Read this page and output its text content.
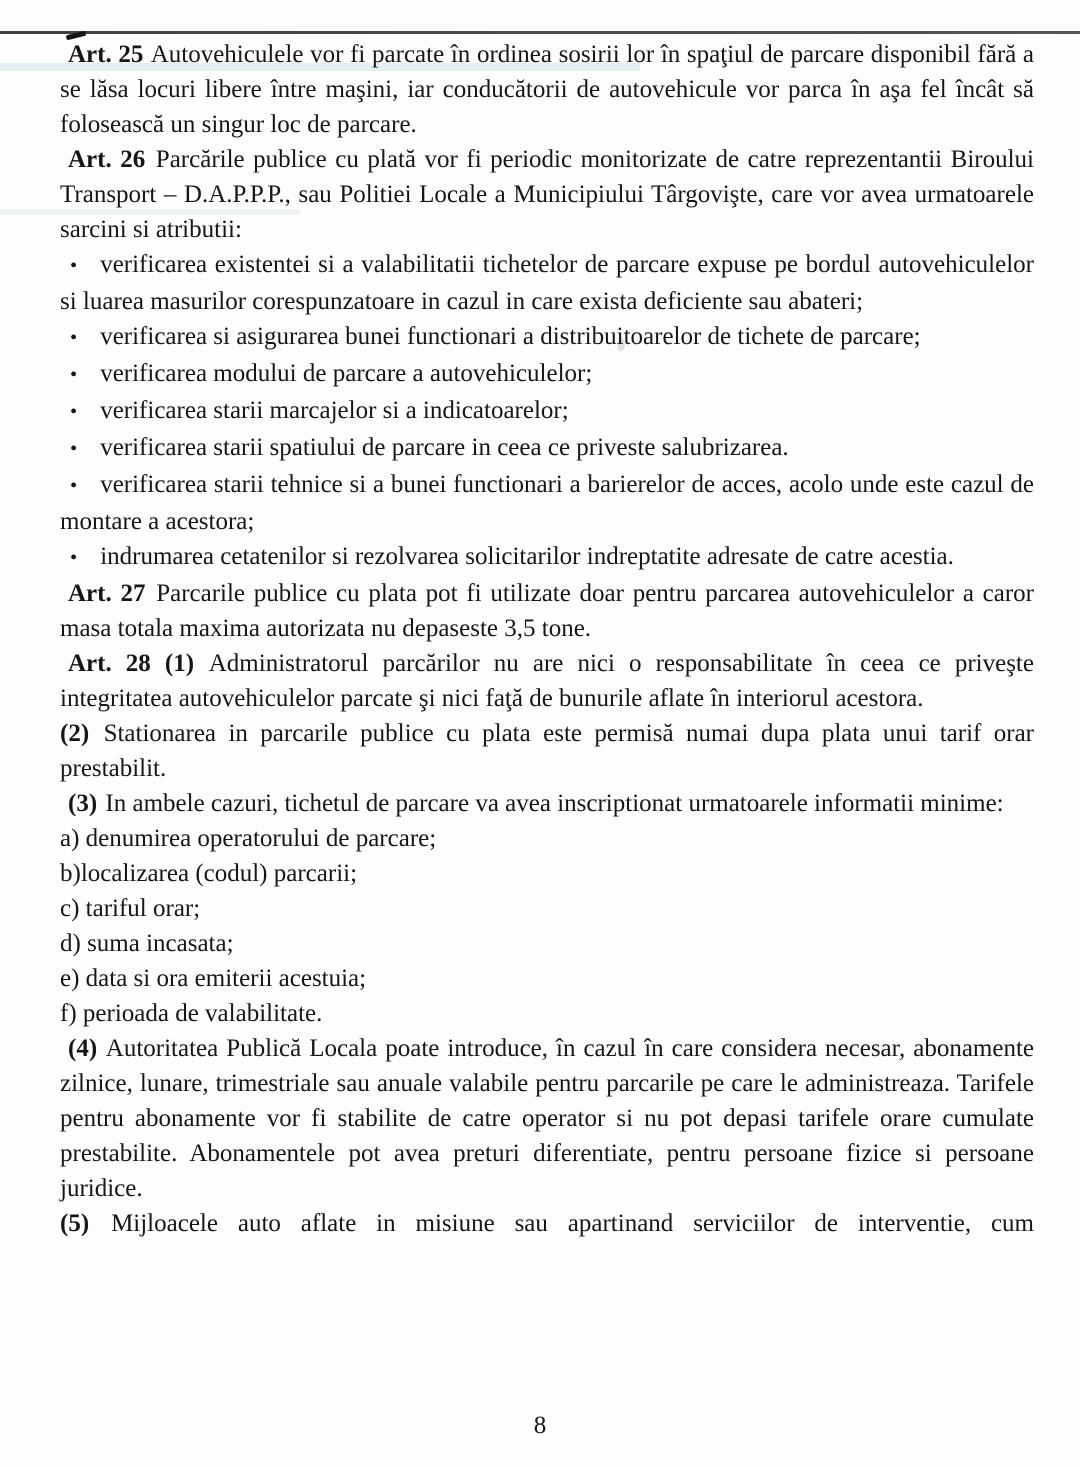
Art. 25 Autovehiculele vor fi parcate în ordinea sosirii lor în spaţiul de parcare disponibil fără a se lăsa locuri libere între maşini, iar conducătorii de autovehicule vor parca în aşa fel încât să folosească un singur loc de parcare.

Art. 26 Parcările publice cu plată vor fi periodic monitorizate de catre reprezentantii Biroului Transport – D.A.P.P.P., sau Politiei Locale a Municipiului Târgovişte, care vor avea urmatoarele sarcini si atributii:

• verificarea existentei si a valabilitatii tichetelor de parcare expuse pe bordul autovehiculelor si luarea masurilor corespunzatoare in cazul in care exista deficiente sau abateri;

• verificarea si asigurarea bunei functionari a distribuitoarelor de tichete de parcare;

• verificarea modului de parcare a autovehiculelor;

• verificarea starii marcajelor si a indicatoarelor;

• verificarea starii spatiului de parcare in ceea ce priveste salubrizarea.

• verificarea starii tehnice si a bunei functionari a barierelor de acces, acolo unde este cazul de montare a acestora;

• indrumarea cetatenilor si rezolvarea solicitarilor indreptatite adresate de catre acestia.

Art. 27 Parcarile publice cu plata pot fi utilizate doar pentru parcarea autovehiculelor a caror masa totala maxima autorizata nu depaseste 3,5 tone.

Art. 28 (1) Administratorul parcărilor nu are nici o responsabilitate în ceea ce priveşte integritatea autovehiculelor parcate şi nici faţă de bunurile aflate în interiorul acestora.

(2) Stationarea in parcarile publice cu plata este permisă numai dupa plata unui tarif orar prestabilit.

(3) In ambele cazuri, tichetul de parcare va avea inscriptionat urmatoarele informatii minime:

a) denumirea operatorului de parcare;

b)localizarea (codul) parcarii;

c) tariful orar;

d) suma incasata;

e) data si ora emiterii acestuia;

f) perioada de valabilitate.

(4) Autoritatea Publică Locala poate introduce, în cazul în care considera necesar, abonamente zilnice, lunare, trimestriale sau anuale valabile pentru parcarile pe care le administreaza. Tarifele pentru abonamente vor fi stabilite de catre operator si nu pot depasi tarifele orare cumulate prestabilite. Abonamentele pot avea preturi diferentiate, pentru persoane fizice si persoane juridice.

(5) Mijloacele auto aflate in misiune sau apartinand serviciilor de interventie, cum

8
